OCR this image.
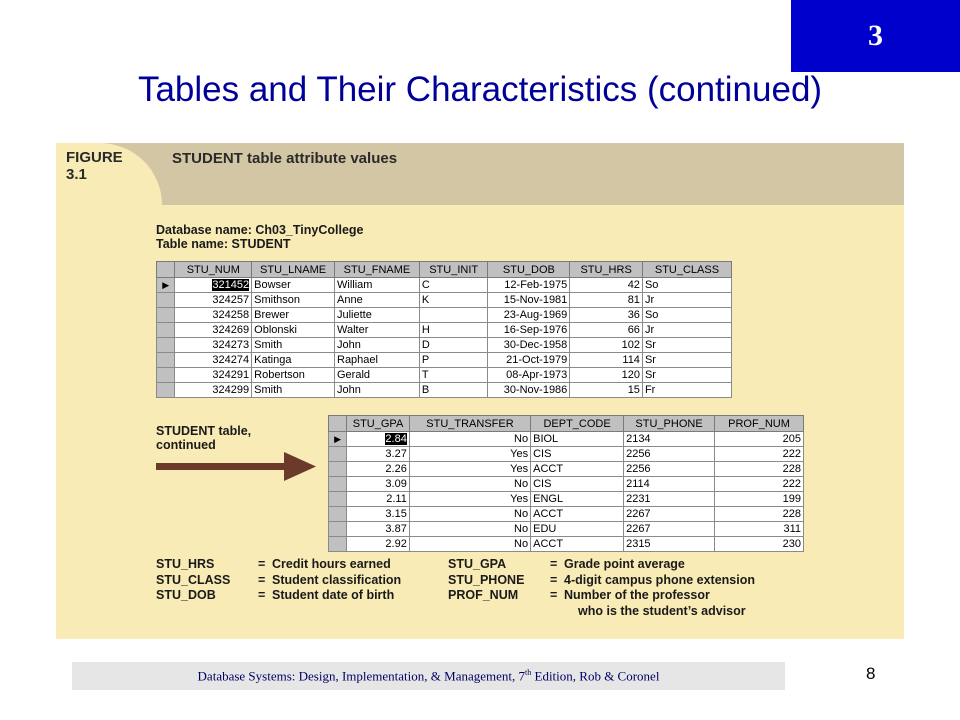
3
Tables and Their Characteristics (continued)
FIGURE
3.1
STUDENT table attribute values
Database name: Ch03_TinyCollege
Table name: STUDENT
	STU_NUM	STU_LNAME	STU_FNAME	STU_INIT	STU_DOB	STU_HRS	STU_CLASS
▶	321452	Bowser	William	C	12-Feb-1975	42	So
	324257	Smithson	Anne	K	15-Nov-1981	81	Jr
	324258	Brewer	Juliette		23-Aug-1969	36	So
	324269	Oblonski	Walter	H	16-Sep-1976	66	Jr
	324273	Smith	John	D	30-Dec-1958	102	Sr
	324274	Katinga	Raphael	P	21-Oct-1979	114	Sr
	324291	Robertson	Gerald	T	08-Apr-1973	120	Sr
	324299	Smith	John	B	30-Nov-1986	15	Fr
STUDENT table,
continued
	STU_GPA	STU_TRANSFER	DEPT_CODE	STU_PHONE	PROF_NUM
▶	2.84	No	BIOL	2134	205
	3.27	Yes	CIS	2256	222
	2.26	Yes	ACCT	2256	228
	3.09	No	CIS	2114	222
	2.11	Yes	ENGL	2231	199
	3.15	No	ACCT	2267	228
	3.87	No	EDU	2267	311
	2.92	No	ACCT	2315	230
STU_HRS	= Credit hours earned
STU_CLASS	= Student classification
STU_DOB	= Student date of birth
STU_GPA	= Grade point average
STU_PHONE	= 4-digit campus phone extension
PROF_NUM	= Number of the professor
who is the student’s advisor
Database Systems: Design, Implementation, & Management, 7th Edition, Rob & Coronel	8
